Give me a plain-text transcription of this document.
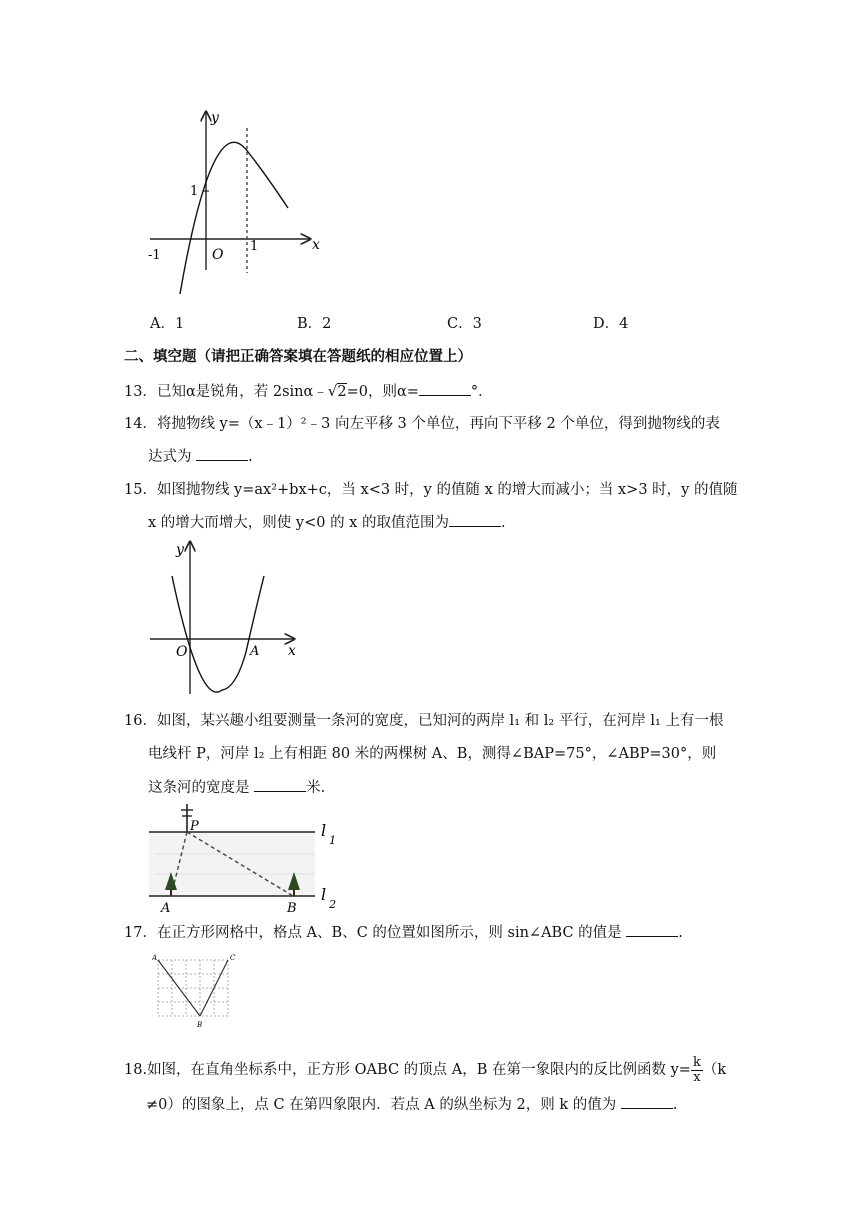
y
x
O
-1
1
1
A．1	B．2	C．3	D．4
二、填空题（请把正确答案填在答题纸的相应位置上）
13．已知α是锐角，若 2sinα﹣√2=0，则α=	°．
14．将抛物线 y=（x﹣1）²﹣3 向左平移 3 个单位，再向下平移 2 个单位，得到抛物线的表
达式为	.
15．如图抛物线 y=ax²+bx+c，当 x<3 时，y 的值随 x 的增大而减小；当 x>3 时，y 的值随
x 的增大而增大，则使 y<0 的 x 的取值范围为	.
y
x
O	A
16．如图，某兴趣小组要测量一条河的宽度，已知河的两岸 l₁ 和 l₂ 平行，在河岸 l₁ 上有一根
电线杆 P，河岸 l₂ 上有相距 80 米的两棵树 A、B，测得∠BAP=75°，∠ABP=30°，则
这条河的宽度是	米.
P
A	B
$l_1$
$l_2$
17．在正方形网格中，格点 A、B、C 的位置如图所示，则 sin∠ABC 的值是	.
A
B
C
18.如图，在直角坐标系中，正方形 OABC 的顶点 A，B 在第一象限内的反比例函数 $y= \frac{k}{x} (k$
≠0）的图象上，点 C 在第四象限内．若点 A 的纵坐标为 2，则 k 的值为	.
